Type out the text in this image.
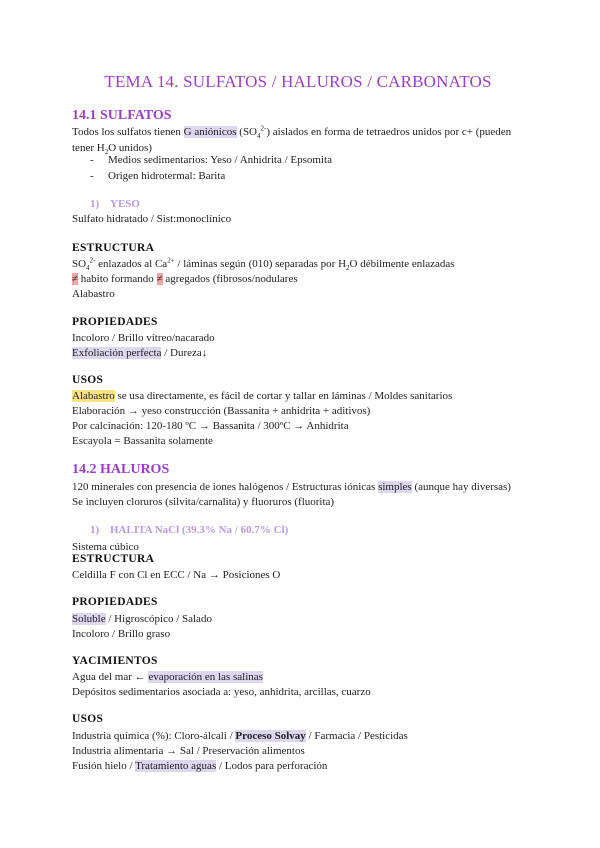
TEMA 14. SULFATOS / HALUROS / CARBONATOS
14.1 SULFATOS
Todos los sulfatos tienen G aniónicos $(SO_4^{2-})$ aislados en forma de tetraedros unidos por c+ (pueden
tener $H_2O$ unidos)
- Medios sedimentarios: Yeso / Anhidrita / Epsomita
- Origen hidrotermal: Barita
1) YESO
Sulfato hidratado / Sist:monoclínico
ESTRUCTURA
$SO_4^{2-}$ enlazados al $Ca^{2+}$ / láminas según (010) separadas por $H_2O$ débilmente enlazadas
≠ habito formando ≠ agregados (fibrosos/nodulares
Alabastro
PROPIEDADES
Incoloro / Brillo vítreo/nacarado
Exfoliación perfecta / Dureza↓
USOS
Alabastro se usa directamente, es fácil de cortar y tallar en láminas / Moldes sanitarios
Elaboración → yeso construcción (Bassanita + anhidrita + aditivos)
Por calcinación: 120-180 ºC → Bassanita / 300ºC → Anhidrita
Escayola = Bassanita solamente
14.2 HALUROS
120 minerales con presencia de iones halógenos / Estructuras iónicas simples (aunque hay diversas)
Se incluyen cloruros (silvita/carnalita) y fluoruros (fluorita)
1) HALITA NaCl (39.3% Na / 60.7% Cl)
Sistema cúbico
ESTRUCTURA
Celdilla F con Cl en ECC / Na → Posiciones O
PROPIEDADES
Soluble / Higroscópico / Salado
Incoloro / Brillo graso
YACIMIENTOS
Agua del mar ← evaporación en las salinas
Depósitos sedimentarios asociada a: yeso, anhidrita, arcillas, cuarzo
USOS
Industria química (%): Cloro-álcali / Proceso Solvay / Farmacia / Pesticidas
Industria alimentaria → Sal / Preservación alimentos
Fusión hielo / Tratamiento aguas / Lodos para perforación
